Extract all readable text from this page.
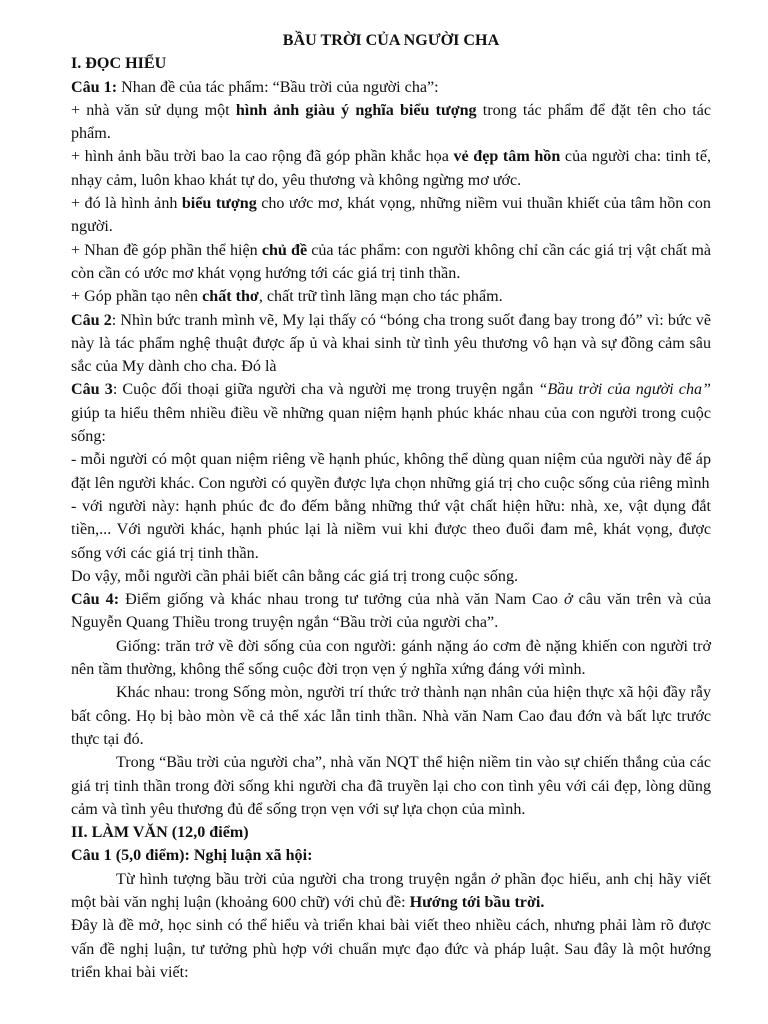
BẦU TRỜI CỦA NGƯỜI CHA
I. ĐỌC HIỂU
Câu 1: Nhan đề của tác phẩm: “Bầu trời của người cha”:
+ nhà văn sử dụng một hình ảnh giàu ý nghĩa biểu tượng trong tác phẩm để đặt tên cho tác phẩm.
+ hình ảnh bầu trời bao la cao rộng đã góp phần khắc họa vẻ đẹp tâm hồn của người cha: tinh tế, nhạy cảm, luôn khao khát tự do, yêu thương và không ngừng mơ ước.
+ đó là hình ảnh biểu tượng cho ước mơ, khát vọng, những niềm vui thuần khiết của tâm hồn con người.
+ Nhan đề góp phần thể hiện chủ đề của tác phẩm: con người không chỉ cần các giá trị vật chất mà còn cần có ước mơ khát vọng hướng tới các giá trị tinh thần.
+ Góp phần tạo nên chất thơ, chất trữ tình lãng mạn cho tác phẩm.
Câu 2: Nhìn bức tranh mình vẽ, My lại thấy có “bóng cha trong suốt đang bay trong đó” vì: bức vẽ này là tác phẩm nghệ thuật được ấp ủ và khai sinh từ tình yêu thương vô hạn và sự đồng cảm sâu sắc của My dành cho cha. Đó là
Câu 3: Cuộc đối thoại giữa người cha và người mẹ trong truyện ngắn “Bầu trời của người cha” giúp ta hiểu thêm nhiều điều về những quan niệm hạnh phúc khác nhau của con người trong cuộc sống:
- mỗi người có một quan niệm riêng về hạnh phúc, không thể dùng quan niệm của người này để áp đặt lên người khác. Con người có quyền được lựa chọn những giá trị cho cuộc sống của riêng mình
- với người này: hạnh phúc đc đo đếm bằng những thứ vật chất hiện hữu: nhà, xe, vật dụng đắt tiền,... Với người khác, hạnh phúc lại là niềm vui khi được theo đuổi đam mê, khát vọng, được sống với các giá trị tinh thần.
Do vậy, mỗi người cần phải biết cân bằng các giá trị trong cuộc sống.
Câu 4: Điểm giống và khác nhau trong tư tưởng của nhà văn Nam Cao ở câu văn trên và của Nguyễn Quang Thiều trong truyện ngắn “Bầu trời của người cha”.
Giống: trăn trở về đời sống của con người: gánh nặng áo cơm đè nặng khiến con người trở nên tầm thường, không thể sống cuộc đời trọn vẹn ý nghĩa xứng đáng với mình.
Khác nhau: trong Sống mòn, người trí thức trở thành nạn nhân của hiện thực xã hội đầy rẫy bất công. Họ bị bào mòn về cả thể xác lẫn tinh thần. Nhà văn Nam Cao đau đớn và bất lực trước thực tại đó.
Trong “Bầu trời của người cha”, nhà văn NQT thể hiện niềm tin vào sự chiến thắng của các giá trị tinh thần trong đời sống khi người cha đã truyền lại cho con tình yêu với cái đẹp, lòng dũng cảm và tình yêu thương đủ để sống trọn vẹn với sự lựa chọn của mình.
II. LÀM VĂN (12,0 điểm)
Câu 1 (5,0 điểm): Nghị luận xã hội:
Từ hình tượng bầu trời của người cha trong truyện ngắn ở phần đọc hiểu, anh chị hãy viết một bài văn nghị luận (khoảng 600 chữ) với chủ đề: Hướng tới bầu trời.
Đây là đề mở, học sinh có thể hiểu và triển khai bài viết theo nhiều cách, nhưng phải làm rõ được vấn đề nghị luận, tư tưởng phù hợp với chuẩn mực đạo đức và pháp luật. Sau đây là một hướng triển khai bài viết:
